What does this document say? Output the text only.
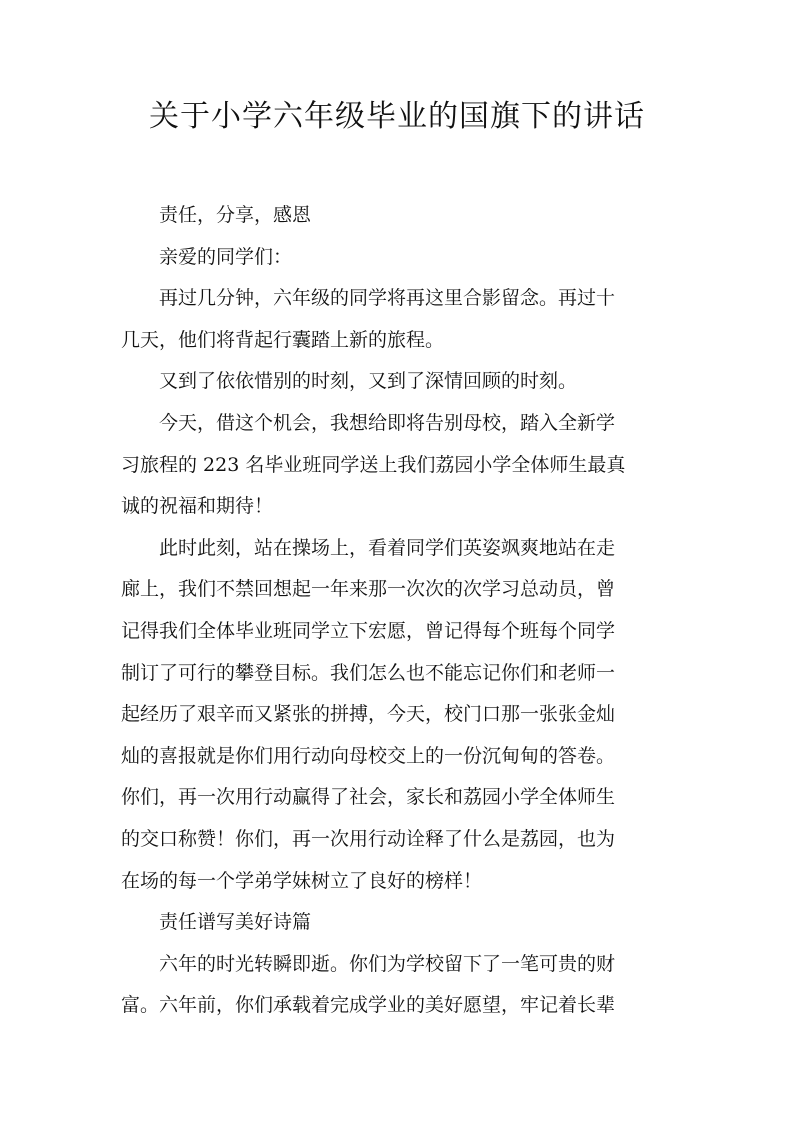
关于小学六年级毕业的国旗下的讲话
责任，分享，感恩
亲爱的同学们：
再过几分钟，六年级的同学将再这里合影留念。再过十
几天，他们将背起行囊踏上新的旅程。
又到了依依惜别的时刻，又到了深情回顾的时刻。
今天，借这个机会，我想给即将告别母校，踏入全新学
习旅程的 223 名毕业班同学送上我们荔园小学全体师生最真
诚的祝福和期待！
此时此刻，站在操场上，看着同学们英姿飒爽地站在走
廊上，我们不禁回想起一年来那一次次的次学习总动员，曾
记得我们全体毕业班同学立下宏愿，曾记得每个班每个同学
制订了可行的攀登目标。我们怎么也不能忘记你们和老师一
起经历了艰辛而又紧张的拼搏，今天，校门口那一张张金灿
灿的喜报就是你们用行动向母校交上的一份沉甸甸的答卷。
你们，再一次用行动赢得了社会，家长和荔园小学全体师生
的交口称赞！你们，再一次用行动诠释了什么是荔园，也为
在场的每一个学弟学妹树立了良好的榜样！
责任谱写美好诗篇
六年的时光转瞬即逝。你们为学校留下了一笔可贵的财
富。六年前，你们承载着完成学业的美好愿望，牢记着长辈
